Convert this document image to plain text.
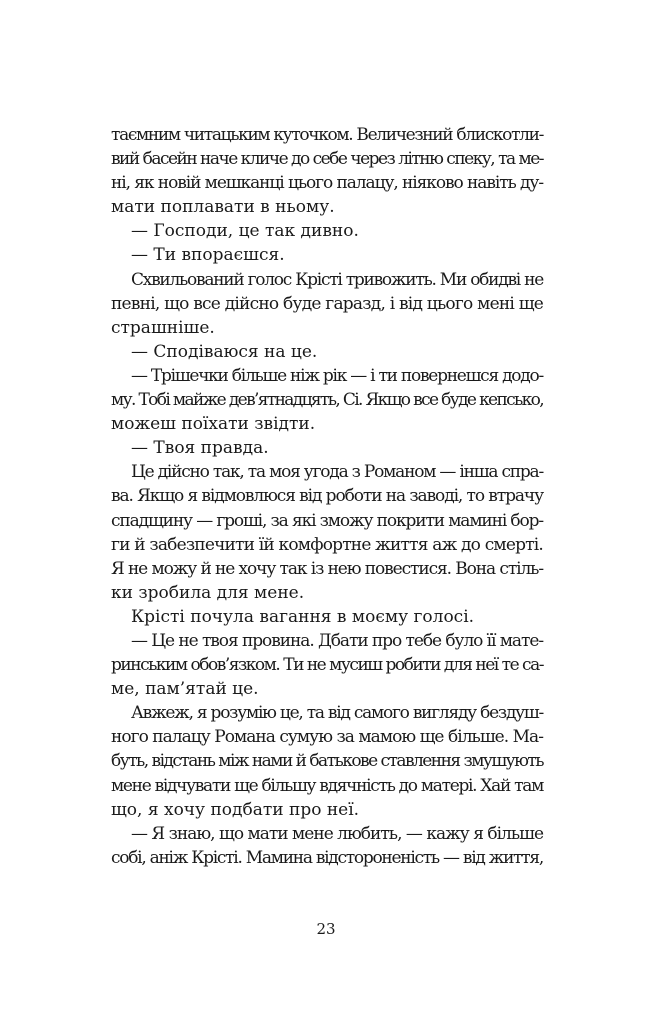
таємним читацьким куточком. Величезний блискотли-
вий басейн наче кличе до себе через літню спеку, та ме-
ні, як новій мешканці цього палацу, ніяково навіть ду-
мати поплавати в ньому.
— Господи, це так дивно.
— Ти впораєшся.
Схвильований голос Крісті тривожить. Ми обидві не
певні, що все дійсно буде гаразд, і від цього мені ще
страшніше.
— Сподіваюся на це.
— Трішечки більше ніж рік — і ти повернешся додо-
му. Тобі майже дев’ятнадцять, Сі. Якщо все буде кепсько,
можеш поїхати звідти.
— Твоя правда.
Це дійсно так, та моя угода з Романом — інша спра-
ва. Якщо я відмовлюся від роботи на заводі, то втрачу
спадщину — гроші, за які зможу покрити мамині бор-
ги й забезпечити їй комфортне життя аж до смерті.
Я не можу й не хочу так із нею повестися. Вона стіль-
ки зробила для мене.
Крісті почула вагання в моєму голосі.
— Це не твоя провина. Дбати про тебе було її мате-
ринським обов’язком. Ти не мусиш робити для неї те са-
ме, пам’ятай це.
Авжеж, я розумію це, та від самого вигляду бездуш-
ного палацу Романа сумую за мамою ще більше. Ма-
буть, відстань між нами й батькове ставлення змушують
мене відчувати ще більшу вдячність до матері. Хай там
що, я хочу подбати про неї.
— Я знаю, що мати мене любить, — кажу я більше
собі, аніж Крісті. Мамина відстороненість — від життя,
23
